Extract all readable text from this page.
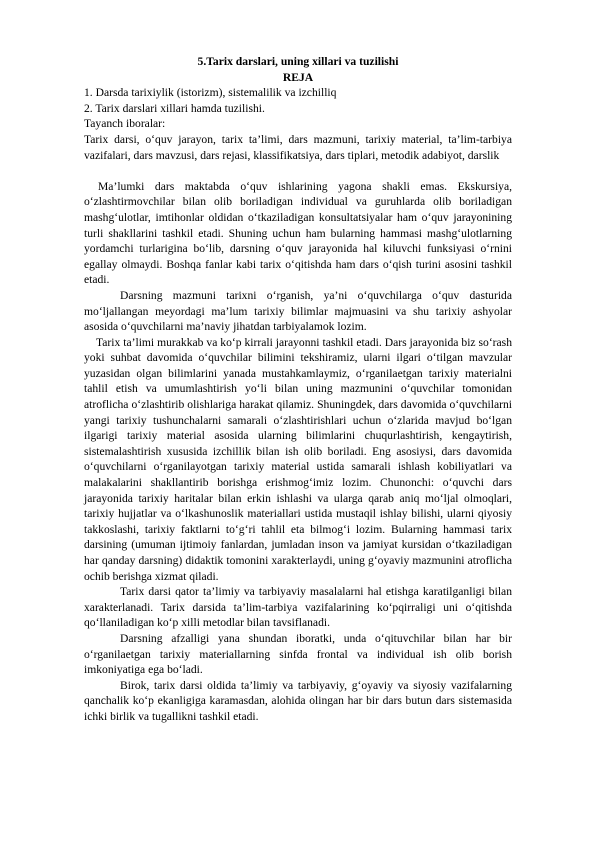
5.Tarix darslari, uning xillari va tuzilishi

REJA

1. Darsda tarixiylik (istorizm), sistemalilik va izchilliq

2. Tarix darslari xillari hamda tuzilishi.

Tayanch iboralar:

Tarix darsi, o‘quv jarayon, tarix ta’limi, dars mazmuni, tarixiy material, ta’lim-tarbiya vazifalari, dars mavzusi, dars rejasi, klassifikatsiya, dars tiplari, metodik adabiyot, darslik

Ma’lumki dars maktabda o‘quv ishlarining yagona shakli emas. Ekskursiya, o‘zlashtirmovchilar bilan olib boriladigan individual va guruhlarda olib boriladigan mashg‘ulotlar, imtihonlar oldidan o‘tkaziladigan konsultatsiyalar ham o‘quv jarayonining turli shakllarini tashkil etadi. Shuning uchun ham bularning hammasi mashg‘ulotlarning yordamchi turlarigina bo‘lib, darsning o‘quv jarayonida hal kiluvchi funksiyasi o‘rnini egallay olmaydi. Boshqa fanlar kabi tarix o‘qitishda ham dars o‘qish turini asosini tashkil etadi.

Darsning mazmuni tarixni o‘rganish, ya’ni o‘quvchilarga o‘quv dasturida mo‘ljallangan meyordagi ma’lum tarixiy bilimlar majmuasini va shu tarixiy ashyolar asosida o‘quvchilarni ma’naviy jihatdan tarbiyalamok lozim.

Tarix ta’limi murakkab va ko‘p kirrali jarayonni tashkil etadi. Dars jarayonida biz so‘rash yoki suhbat davomida o‘quvchilar bilimini tekshiramiz, ularni ilgari o‘tilgan mavzular yuzasidan olgan bilimlarini yanada mustahkamlaymiz, o‘rganilaetgan tarixiy materialni tahlil etish va umumlashtirish yo‘li bilan uning mazmunini o‘quvchilar tomonidan atroflicha o‘zlashtirib olishlariga harakat qilamiz. Shuningdek, dars davomida o‘quvchilarni yangi tarixiy tushunchalarni samarali o‘zlashtirishlari uchun o‘zlarida mavjud bo‘lgan ilgarigi tarixiy material asosida ularning bilimlarini chuqurlashtirish, kengaytirish, sistemalashtirish xususida izchillik bilan ish olib boriladi. Eng asosiysi, dars davomida o‘quvchilarni o‘rganilayotgan tarixiy material ustida samarali ishlash kobiliyatlari va malakalarini shakllantirib borishga erishmog‘imiz lozim. Chunonchi: o‘quvchi dars jarayonida tarixiy haritalar bilan erkin ishlashi va ularga qarab aniq mo‘ljal olmoqlari, tarixiy hujjatlar va o‘lkashunoslik materiallari ustida mustaqil ishlay bilishi, ularni qiyosiy takkoslashi, tarixiy faktlarni to‘g‘ri tahlil eta bilmog‘i lozim. Bularning hammasi tarix darsining (umuman ijtimoiy fanlardan, jumladan inson va jamiyat kursidan o‘tkaziladigan har qanday darsning) didaktik tomonini xarakterlaydi, uning g‘oyaviy mazmunini atroflicha ochib berishga xizmat qiladi.

Tarix darsi qator ta’limiy va tarbiyaviy masalalarni hal etishga karatilganligi bilan xarakterlanadi. Tarix darsida ta’lim-tarbiya vazifalarining ko‘pqirraligi uni o‘qitishda qo‘llaniladigan ko‘p xilli metodlar bilan tavsiflanadi.

Darsning afzalligi yana shundan iboratki, unda o‘qituvchilar bilan har bir o‘rganilaetgan tarixiy materiallarning sinfda frontal va individual ish olib borish imkoniyatiga ega bo‘ladi.

Birok, tarix darsi oldida ta’limiy va tarbiyaviy, g‘oyaviy va siyosiy vazifalarning qanchalik ko‘p ekanligiga karamasdan, alohida olingan har bir dars butun dars sistemasida ichki birlik va tugallikni tashkil etadi.
